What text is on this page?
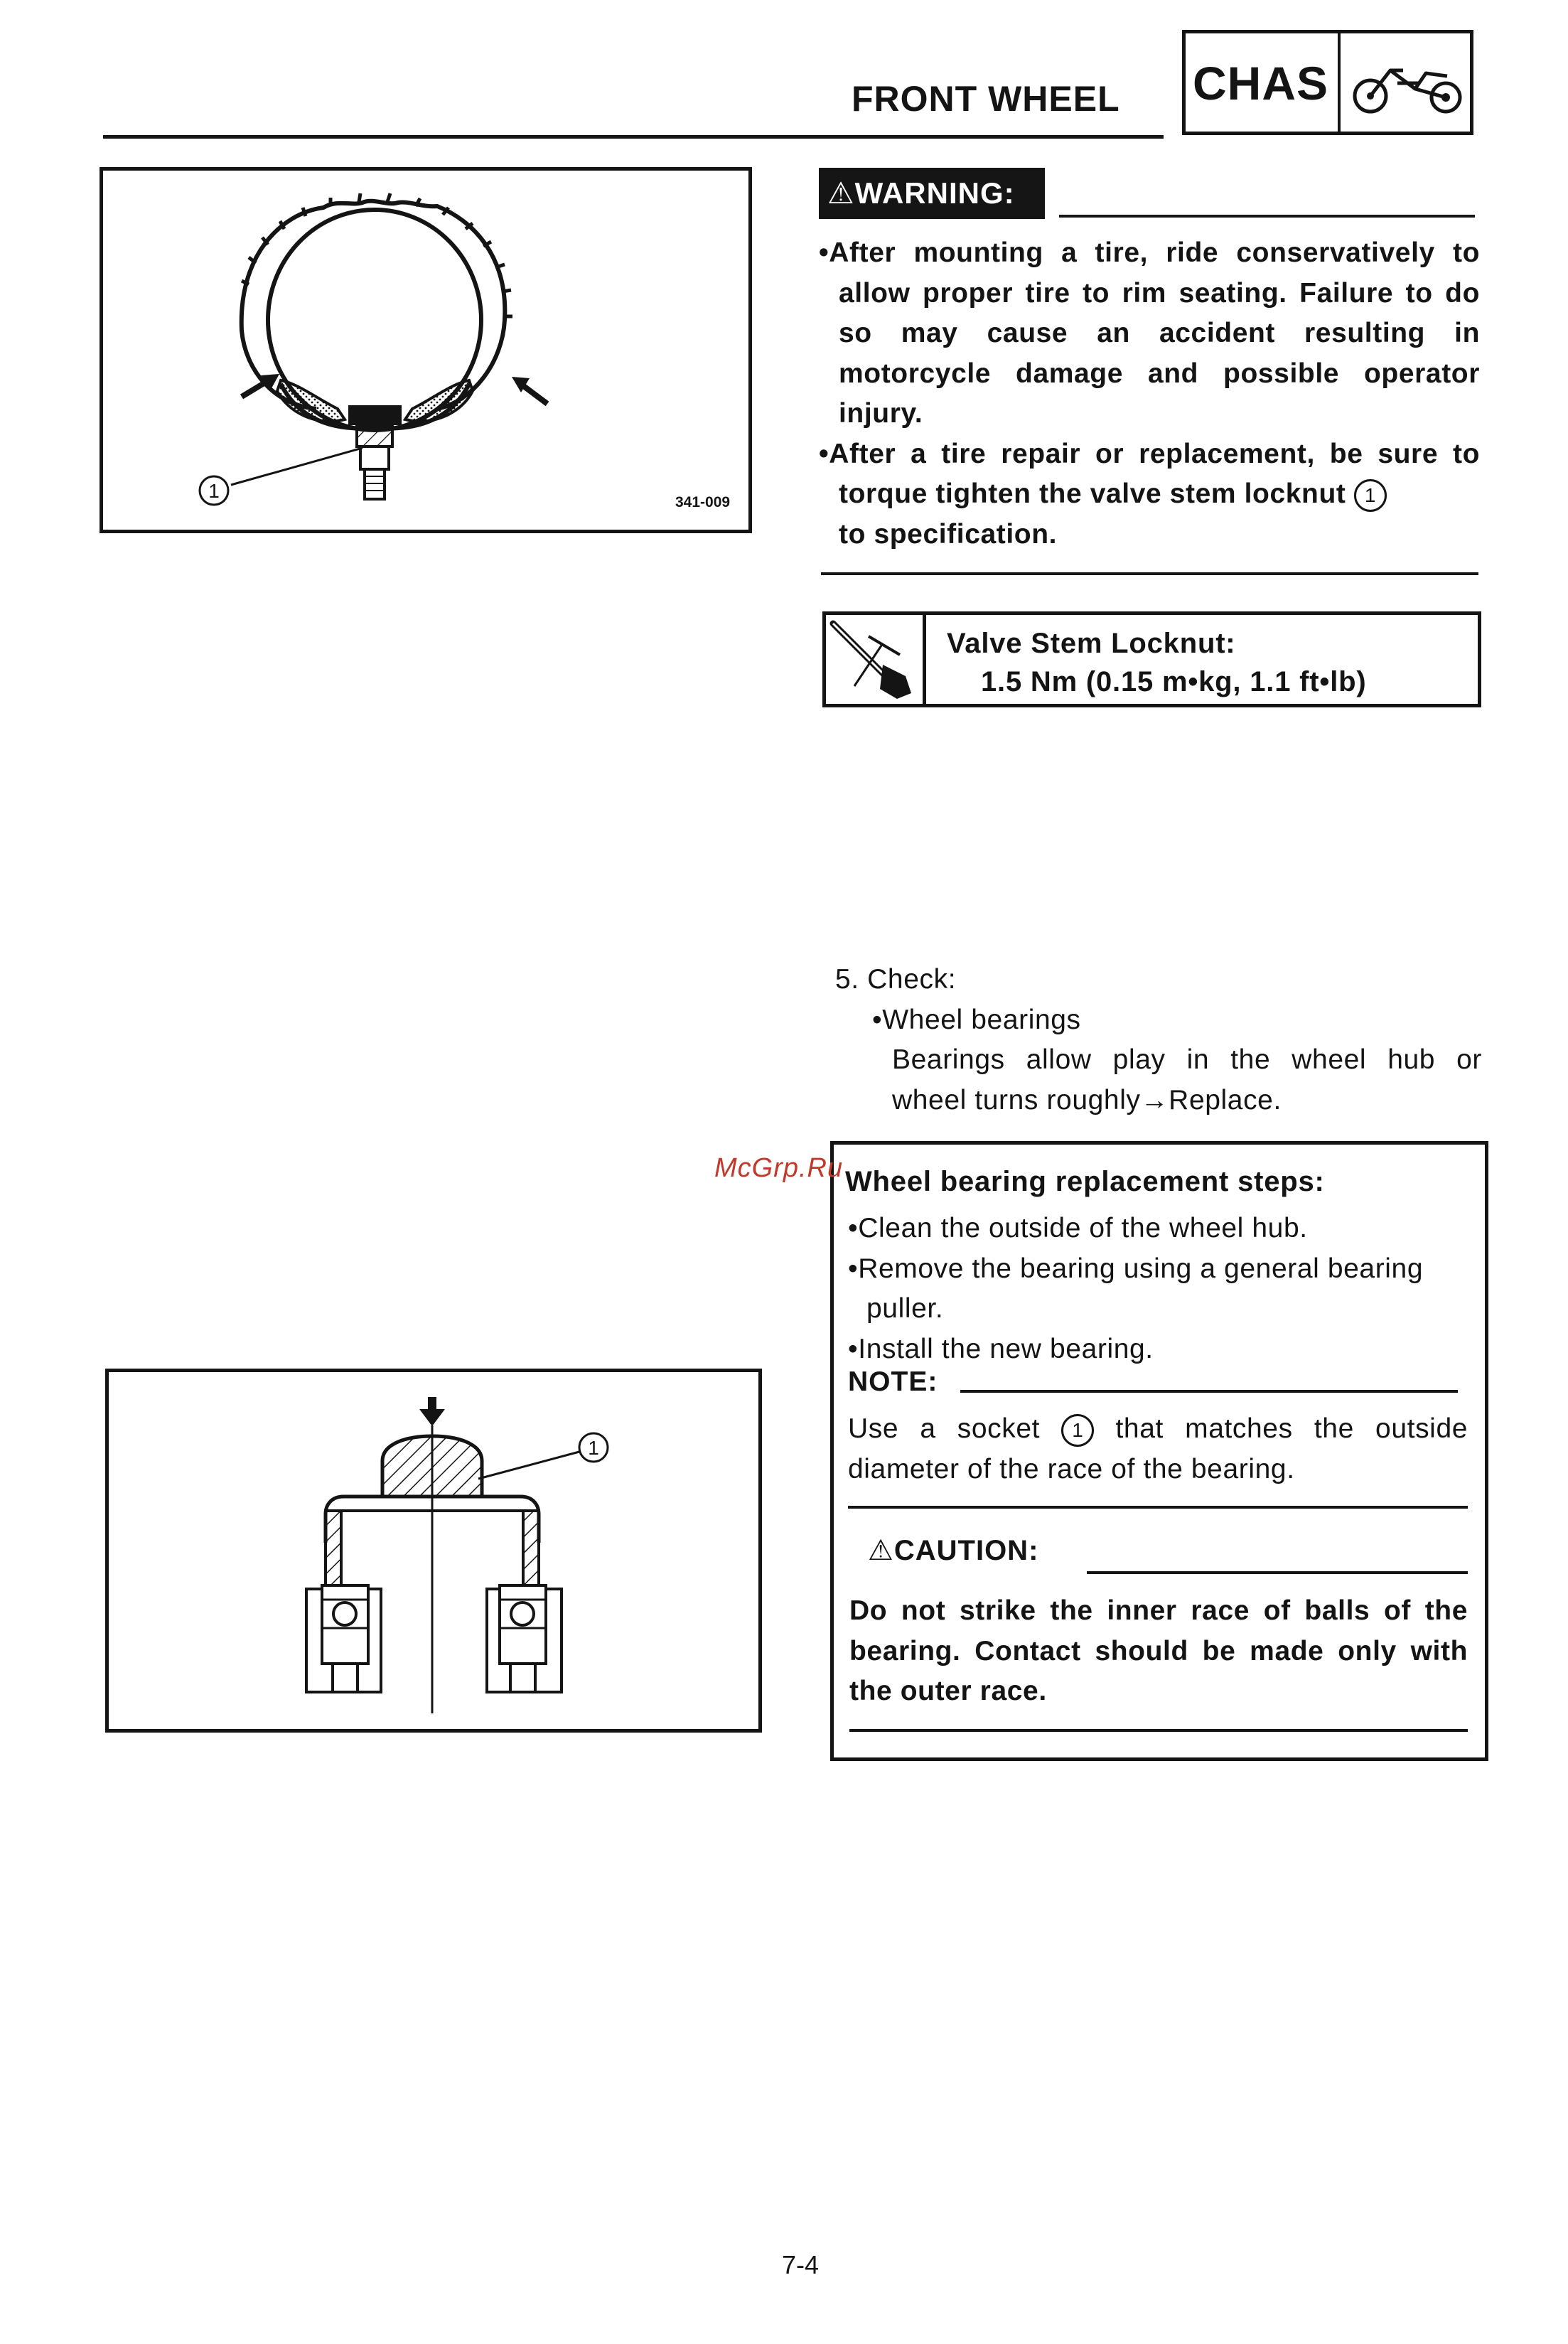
FRONT WHEEL CHAS
1
341-009
⚠WARNING:

•After mounting a tire, ride conservatively to allow proper tire to rim seating. Failure to do so may cause an accident resulting in motorcycle damage and possible operator injury.

•After a tire repair or replacement, be sure to torque tighten the valve stem locknut 1
to specification.

Valve Stem Locknut:
1.5 Nm (0.15 m•kg, 1.1 ft•lb)
5. Check:
•Wheel bearings
Bearings allow play in the wheel hub or
wheel turns roughly→Replace.
Wheel bearing replacement steps:

•Clean the outside of the wheel hub.

•Remove the bearing using a general bearing puller.

•Install the new bearing.

NOTE:

Use a socket 1 that matches the outside diameter of the race of the bearing.

⚠CAUTION:

Do not strike the inner race of balls of the bearing. Contact should be made only with the outer race.

1
McGrp.Ru
7-4
